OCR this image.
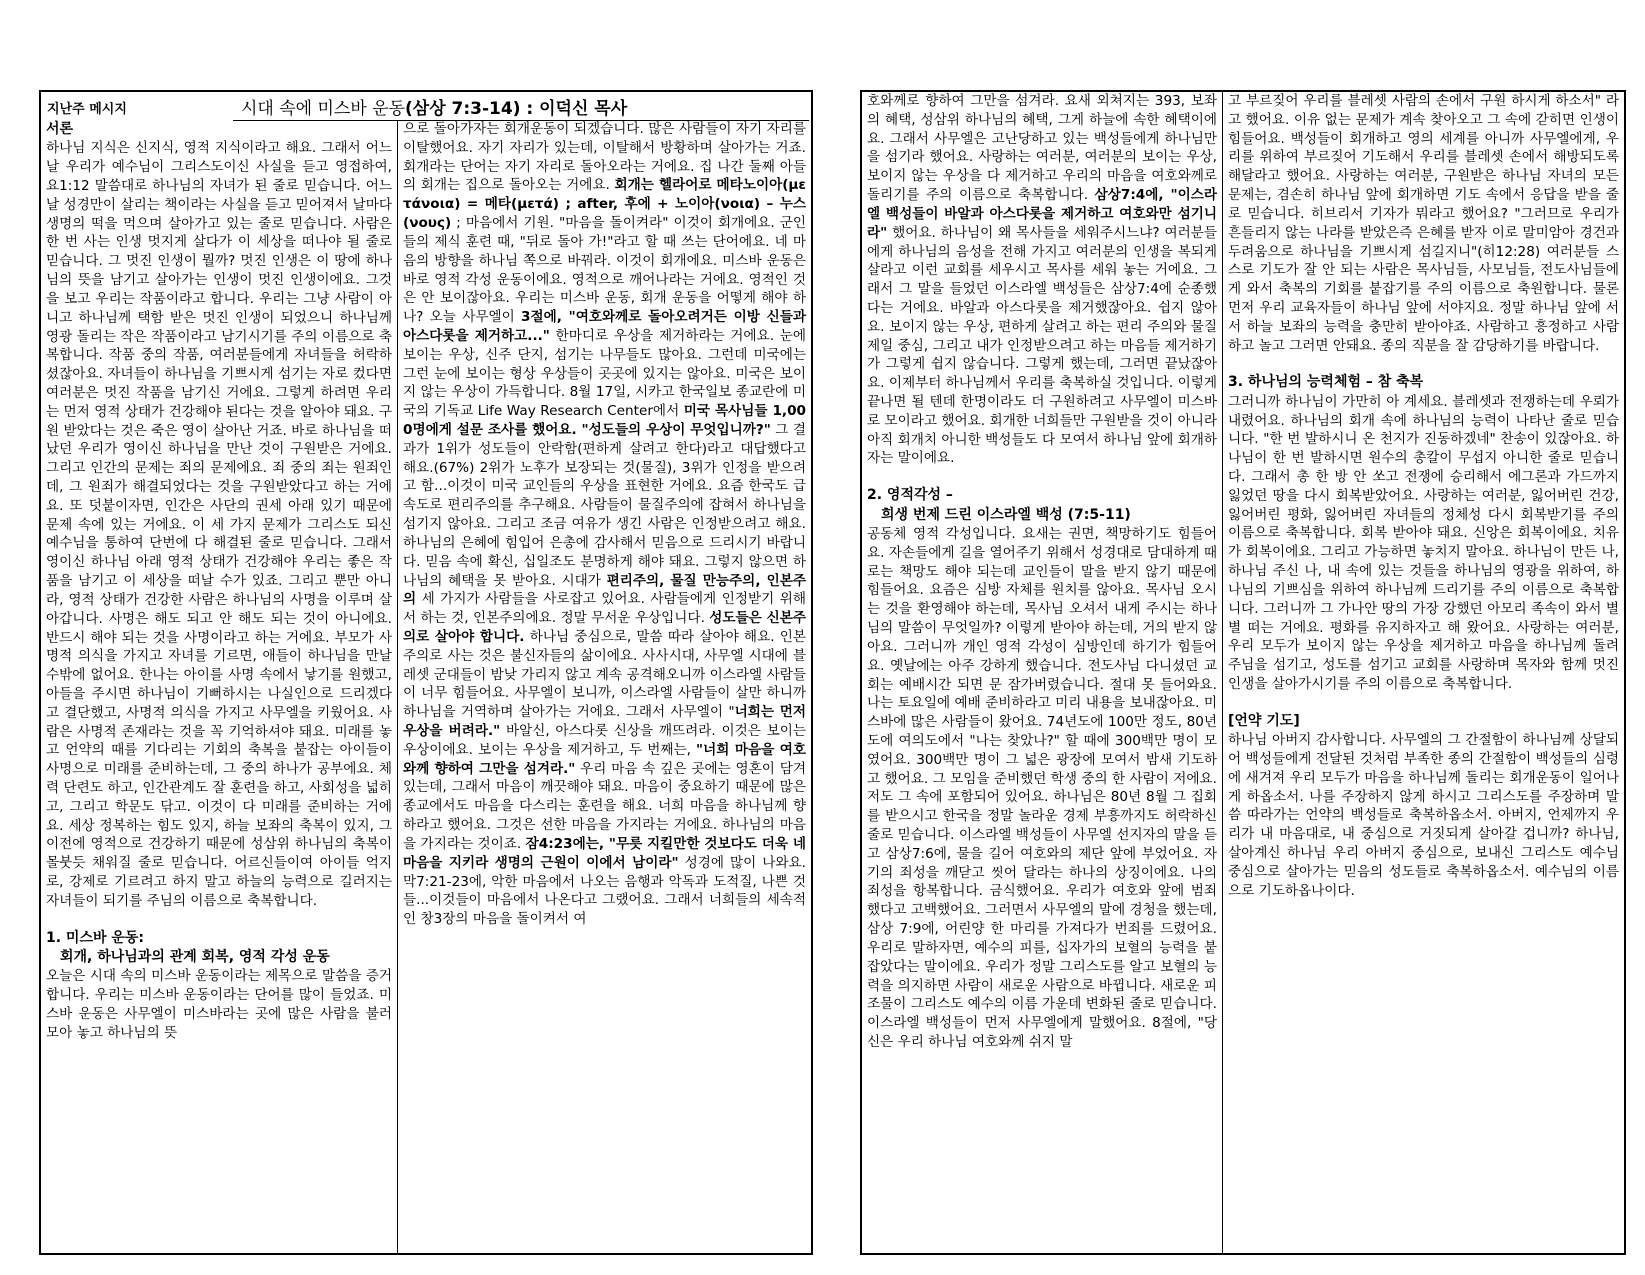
지난주 메시지	시대 속에 미스바 운동(삼상 7:3-14) : 이덕신 목사

서론

하나님 지식은 신지식, 영적 지식이라고 해요. 그래서 어느 날 우리가 예수님이 그리스도이신 사실을 듣고 영접하여, 요1:12 말씀대로 하나님의 자녀가 된 줄로 믿습니다. 어느 날 성경만이 살리는 책이라는 사실을 듣고 믿어져서 날마다 생명의 떡을 먹으며 살아가고 있는 줄로 믿습니다. 사람은 한 번 사는 인생 멋지게 살다가 이 세상을 떠나야 될 줄로 믿습니다. 그 멋진 인생이 뭘까? 멋진 인생은 이 땅에 하나님의 뜻을 남기고 살아가는 인생이 멋진 인생이에요. 그것을 보고 우리는 작품이라고 합니다. 우리는 그냥 사람이 아니고 하나님께 택함 받은 멋진 인생이 되었으니 하나님께 영광 돌리는 작은 작품이라고 남기시기를 주의 이름으로 축복합니다. 작품 중의 작품, 여러분들에게 자녀들을 허락하셨잖아요. 자녀들이 하나님을 기쁘시게 섬기는 자로 컸다면 여러분은 멋진 작품을 남기신 거에요. 그렇게 하려면 우리는 먼저 영적 상태가 건강해야 된다는 것을 알아야 돼요. 구원 받았다는 것은 죽은 영이 살아난 거죠. 바로 하나님을 떠났던 우리가 영이신 하나님을 만난 것이 구원받은 거에요. 그리고 인간의 문제는 죄의 문제에요. 죄 중의 죄는 원죄인데, 그 원죄가 해결되었다는 것을 구원받았다고 하는 거에요. 또 덧붙이자면, 인간은 사단의 권세 아래 있기 때문에 문제 속에 있는 거에요. 이 세 가지 문제가 그리스도 되신 예수님을 통하여 단번에 다 해결된 줄로 믿습니다. 그래서 영이신 하나님 아래 영적 상태가 건강해야 우리는 좋은 작품을 남기고 이 세상을 떠날 수가 있죠. 그리고 뿐만 아니라, 영적 상태가 건강한 사람은 하나님의 사명을 이루며 살아갑니다. 사명은 해도 되고 안 해도 되는 것이 아니에요. 반드시 해야 되는 것을 사명이라고 하는 거에요. 부모가 사명적 의식을 가지고 자녀를 기르면, 애들이 하나님을 만날 수밖에 없어요. 한나는 아이를 사명 속에서 낳기를 원했고, 아들을 주시면 하나님이 기뻐하시는 나실인으로 드리겠다고 결단했고, 사명적 의식을 가지고 사무엘을 키웠어요. 사람은 사명적 존재라는 것을 꼭 기억하셔야 돼요. 미래를 놓고 언약의 때를 기다리는 기회의 축복을 붙잡는 아이들이 사명으로 미래를 준비하는데, 그 중의 하나가 공부에요. 체력 단련도 하고, 인간관계도 잘 훈련을 하고, 사회성을 넓히고, 그리고 학문도 닦고. 이것이 다 미래를 준비하는 거에요. 세상 정복하는 힘도 있지, 하늘 보좌의 축복이 있지, 그 이전에 영적으로 건강하기 때문에 성삼위 하나님의 축복이 몰붓듯 채워질 줄로 믿습니다. 어르신들이여 아이들 억지로, 강제로 기르려고 하지 말고 하늘의 능력으로 길러지는 자녀들이 되기를 주님의 이름으로 축복합니다.

1. 미스바 운동:

회개, 하나님과의 관계 회복, 영적 각성 운동

오늘은 시대 속의 미스바 운동이라는 제목으로 말씀을 증거 합니다. 우리는 미스바 운동이라는 단어를 많이 들었죠. 미스바 운동은 사무엘이 미스바라는 곳에 많은 사람을 불러 모아 놓고 하나님의 뜻

으로 돌아가자는 회개운동이 되겠습니다. 많은 사람들이 자기 자리를 이탈했어요. 자기 자리가 있는데, 이탈해서 방황하며 살아가는 거죠. 회개라는 단어는 자기 자리로 돌아오라는 거에요. 집 나간 둘째 아들의 회개는 집으로 돌아오는 거에요. 회개는 헬라어로 메타노이아(μετάνοια) = 메타(μετά) ; after, 후에 + 노이아(νοια) – 누스(νους) ; 마음에서 기원. "마음을 돌이켜라" 이것이 회개에요. 군인들의 제식 훈련 때, "뒤로 돌아 가!"라고 할 때 쓰는 단어에요. 네 마음의 방향을 하나님 쪽으로 바꿔라. 이것이 회개에요. 미스바 운동은 바로 영적 각성 운동이에요. 영적으로 깨어나라는 거에요. 영적인 것은 안 보이잖아요. 우리는 미스바 운동, 회개 운동을 어떻게 해야 하나? 오늘 사무엘이 3절에, "여호와께로 돌아오려거든 이방 신들과 아스다롯을 제거하고..." 한마디로 우상을 제거하라는 거에요. 눈에 보이는 우상, 신주 단지, 섬기는 나무들도 많아요. 그런데 미국에는 그런 눈에 보이는 형상 우상들이 곳곳에 있지는 않아요. 미국은 보이지 않는 우상이 가득합니다. 8월 17일, 시카고 한국일보 종교란에 미국의 기독교 Life Way Research Center에서 미국 목사님들 1,000명에게 설문 조사를 했어요. "성도들의 우상이 무엇입니까?" 그 결과가 1위가 성도들이 안락함(편하게 살려고 한다)라고 대답했다고 해요.(67%) 2위가 노후가 보장되는 것(물질), 3위가 인정을 받으려고 함...이것이 미국 교인들의 우상을 표현한 거에요. 요즘 한국도 급속도로 편리주의를 추구해요. 사람들이 물질주의에 잡혀서 하나님을 섬기지 않아요. 그리고 조금 여유가 생긴 사람은 인정받으려고 해요. 하나님의 은혜에 힘입어 은총에 감사해서 믿음으로 드리시기 바랍니다. 믿음 속에 확신, 십일조도 분명하게 해야 돼요. 그렇지 않으면 하나님의 혜택을 못 받아요. 시대가 편리주의, 물질 만능주의, 인본주의 세 가지가 사람들을 사로잡고 있어요. 사람들에게 인정받기 위해서 하는 것, 인본주의에요. 정말 무서운 우상입니다. 성도들은 신본주의로 살아야 합니다. 하나님 중심으로, 말씀 따라 살아야 해요. 인본주의로 사는 것은 불신자들의 삶이에요. 사사시대, 사무엘 시대에 블레셋 군대들이 밤낮 가리지 않고 계속 공격해오니까 이스라엘 사람들이 너무 힘들어요. 사무엘이 보니까, 이스라엘 사람들이 살만 하니까 하나님을 거역하며 살아가는 거에요. 그래서 사무엘이 "너희는 먼저 우상을 버려라." 바알신, 아스다롯 신상을 깨뜨려라. 이것은 보이는 우상이에요. 보이는 우상을 제거하고, 두 번째는, "너희 마음을 여호와께 향하여 그만을 섬겨라." 우리 마음 속 깊은 곳에는 영혼이 담겨 있는데, 그래서 마음이 깨끗해야 돼요. 마음이 중요하기 때문에 많은 종교에서도 마음을 다스리는 훈련을 해요. 너희 마음을 하나님께 향하라고 했어요. 그것은 선한 마음을 가지라는 거에요. 하나님의 마음을 가지라는 것이죠. 잠4:23에는, "무릇 지킬만한 것보다도 더욱 네 마음을 지키라 생명의 근원이 이에서 남이라" 성경에 많이 나와요. 막7:21-23에, 악한 마음에서 나오는 음행과 악독과 도적질, 나쁜 것들...이것들이 마음에서 나온다고 그랬어요. 그래서 너희들의 세속적인 창3장의 마음을 돌이켜서 여

호와께로 향하여 그만을 섬겨라. 요새 외쳐지는 393, 보좌의 혜택, 성삼위 하나님의 혜택, 그게 하늘에 속한 혜택이에요. 그래서 사무엘은 고난당하고 있는 백성들에게 하나님만을 섬기라 했어요. 사랑하는 여러분, 여러분의 보이는 우상, 보이지 않는 우상을 다 제거하고 우리의 마음을 여호와께로 돌리기를 주의 이름으로 축복합니다. 삼상7:4에, "이스라엘 백성들이 바알과 아스다롯을 제거하고 여호와만 섬기니라" 했어요. 하나님이 왜 목사들을 세워주시느냐? 여러분들에게 하나님의 음성을 전해 가지고 여러분의 인생을 복되게 살라고 이런 교회를 세우시고 목사를 세워 놓는 거에요. 그래서 그 말을 들었던 이스라엘 백성들은 삼상7:4에 순종했다는 거에요. 바알과 아스다롯을 제거했잖아요. 쉽지 않아요. 보이지 않는 우상, 편하게 살려고 하는 편리 주의와 물질 제일 중심, 그리고 내가 인정받으려고 하는 마음들 제거하기가 그렇게 쉽지 않습니다. 그렇게 했는데, 그러면 끝났잖아요. 이제부터 하나님께서 우리를 축복하실 것입니다. 이렇게 끝나면 될 텐데 한명이라도 더 구원하려고 사무엘이 미스바로 모이라고 했어요. 회개한 너희들만 구원받을 것이 아니라 아직 회개치 아니한 백성들도 다 모여서 하나님 앞에 회개하자는 말이에요.

2. 영적각성 –

희생 번제 드린 이스라엘 백성 (7:5-11)

공동체 영적 각성입니다. 요새는 권면, 책망하기도 힘들어요. 자손들에게 길을 열어주기 위해서 성경대로 담대하게 때로는 책망도 해야 되는데 교인들이 말을 받지 않기 때문에 힘들어요. 요즘은 심방 자체를 원치를 않아요. 목사님 오시는 것을 환영해야 하는데, 목사님 오셔서 내게 주시는 하나님의 말씀이 무엇일까? 이렇게 받아야 하는데, 거의 받지 않아요. 그러니까 개인 영적 각성이 심방인데 하기가 힘들어요. 옛날에는 아주 강하게 했습니다. 전도사님 다니셨던 교회는 예배시간 되면 문 잠가버렸습니다. 절대 못 들어와요. 나는 토요일에 예배 준비하라고 미리 내용을 보내잖아요. 미스바에 많은 사람들이 왔어요. 74년도에 100만 정도, 80년도에 여의도에서 "나는 찾았나?" 할 때에 300백만 명이 모였어요. 300백만 명이 그 넓은 광장에 모여서 밤새 기도하고 했어요. 그 모임을 준비했던 학생 중의 한 사람이 저에요. 저도 그 속에 포함되어 있어요. 하나님은 80년 8월 그 집회를 받으시고 한국을 정말 놀라운 경제 부흥까지도 허락하신 줄로 믿습니다. 이스라엘 백성들이 사무엘 선지자의 말을 듣고 삼상7:6에, 물을 길어 여호와의 제단 앞에 부었어요. 자기의 죄성을 깨닫고 씻어 달라는 하나의 상징이에요. 나의 죄성을 항복합니다. 금식했어요. 우리가 여호와 앞에 범죄 했다고 고백했어요. 그러면서 사무엘의 말에 경청을 했는데, 삼상 7:9에, 어린양 한 마리를 가져다가 번죄를 드렸어요. 우리로 말하자면, 예수의 피를, 십자가의 보혈의 능력을 붙잡았다는 말이에요. 우리가 정말 그리스도를 알고 보혈의 능력을 의지하면 사람이 새로운 사람으로 바뀝니다. 새로운 피조물이 그리스도 예수의 이름 가운데 변화된 줄로 믿습니다. 이스라엘 백성들이 먼저 사무엘에게 말했어요. 8절에, "당신은 우리 하나님 여호와께 쉬지 말

고 부르짖어 우리를 블레셋 사람의 손에서 구원 하시게 하소서" 라고 했어요. 이유 없는 문제가 계속 찾아오고 그 속에 갇히면 인생이 힘들어요. 백성들이 회개하고 영의 세계를 아니까 사무엘에게, 우리를 위하여 부르짖어 기도해서 우리를 블레셋 손에서 해방되도록 해달라고 했어요. 사랑하는 여러분, 구원받은 하나님 자녀의 모든 문제는, 겸손히 하나님 앞에 회개하면 기도 속에서 응답을 받을 줄로 믿습니다. 히브리서 기자가 뭐라고 했어요? "그러므로 우리가 흔들리지 않는 나라를 받았은즉 은혜를 받자 이로 말미암아 경건과 두려움으로 하나님을 기쁘시게 섬길지니"(히12:28) 여러분들 스스로 기도가 잘 안 되는 사람은 목사님들, 사모님들, 전도사님들에게 와서 축복의 기회를 붙잡기를 주의 이름으로 축원합니다. 물론 먼저 우리 교육자들이 하나님 앞에 서야지요. 정말 하나님 앞에 서서 하늘 보좌의 능력을 충만히 받아야죠. 사람하고 흥정하고 사람하고 놀고 그러면 안돼요. 종의 직분을 잘 감당하기를 바랍니다.

3. 하나님의 능력체험 – 참 축복

그러니까 하나님이 가만히 아 계세요. 블레셋과 전쟁하는데 우뢰가 내렸어요. 하나님의 회개 속에 하나님의 능력이 나타난 줄로 믿습니다. "한 번 발하시니 온 천지가 진동하겠네" 찬송이 있잖아요. 하나님이 한 번 발하시면 원수의 총칼이 무섭지 아니한 줄로 믿습니다. 그래서 총 한 방 안 쏘고 전쟁에 승리해서 에그론과 가드까지 잃었던 땅을 다시 회복받았어요. 사랑하는 여러분, 잃어버린 건강, 잃어버린 평화, 잃어버린 자녀들의 정체성 다시 회복받기를 주의 이름으로 축복합니다. 회복 받아야 돼요. 신앙은 회복이에요. 치유가 회복이에요. 그리고 가능하면 놓치지 말아요. 하나님이 만든 나, 하나님 주신 나, 내 속에 있는 것들을 하나님의 영광을 위하여, 하나님의 기쁘심을 위하여 하나님께 드리기를 주의 이름으로 축복합니다. 그러니까 그 가나안 땅의 가장 강했던 아모리 족속이 와서 별별 떠는 거에요. 평화를 유지하자고 해 왔어요. 사랑하는 여러분, 우리 모두가 보이지 않는 우상을 제거하고 마음을 하나님께 돌려 주님을 섬기고, 성도를 섬기고 교회를 사랑하며 목자와 함께 멋진 인생을 살아가시기를 주의 이름으로 축복합니다.

[언약 기도]

하나님 아버지 감사합니다. 사무엘의 그 간절함이 하나님께 상달되어 백성들에게 전달된 것처럼 부족한 종의 간절함이 백성들의 심령에 새겨져 우리 모두가 마음을 하나님께 돌리는 회개운동이 일어나게 하옵소서. 나를 주장하지 않게 하시고 그리스도를 주장하며 말씀 따라가는 언약의 백성들로 축복하옵소서. 아버지, 언제까지 우리가 내 마음대로, 내 중심으로 거짓되게 살아갈 겁니까? 하나님, 살아계신 하나님 우리 아버지 중심으로, 보내신 그리스도 예수님 중심으로 살아가는 믿음의 성도들로 축복하옵소서. 예수님의 이름으로 기도하옵나이다.
